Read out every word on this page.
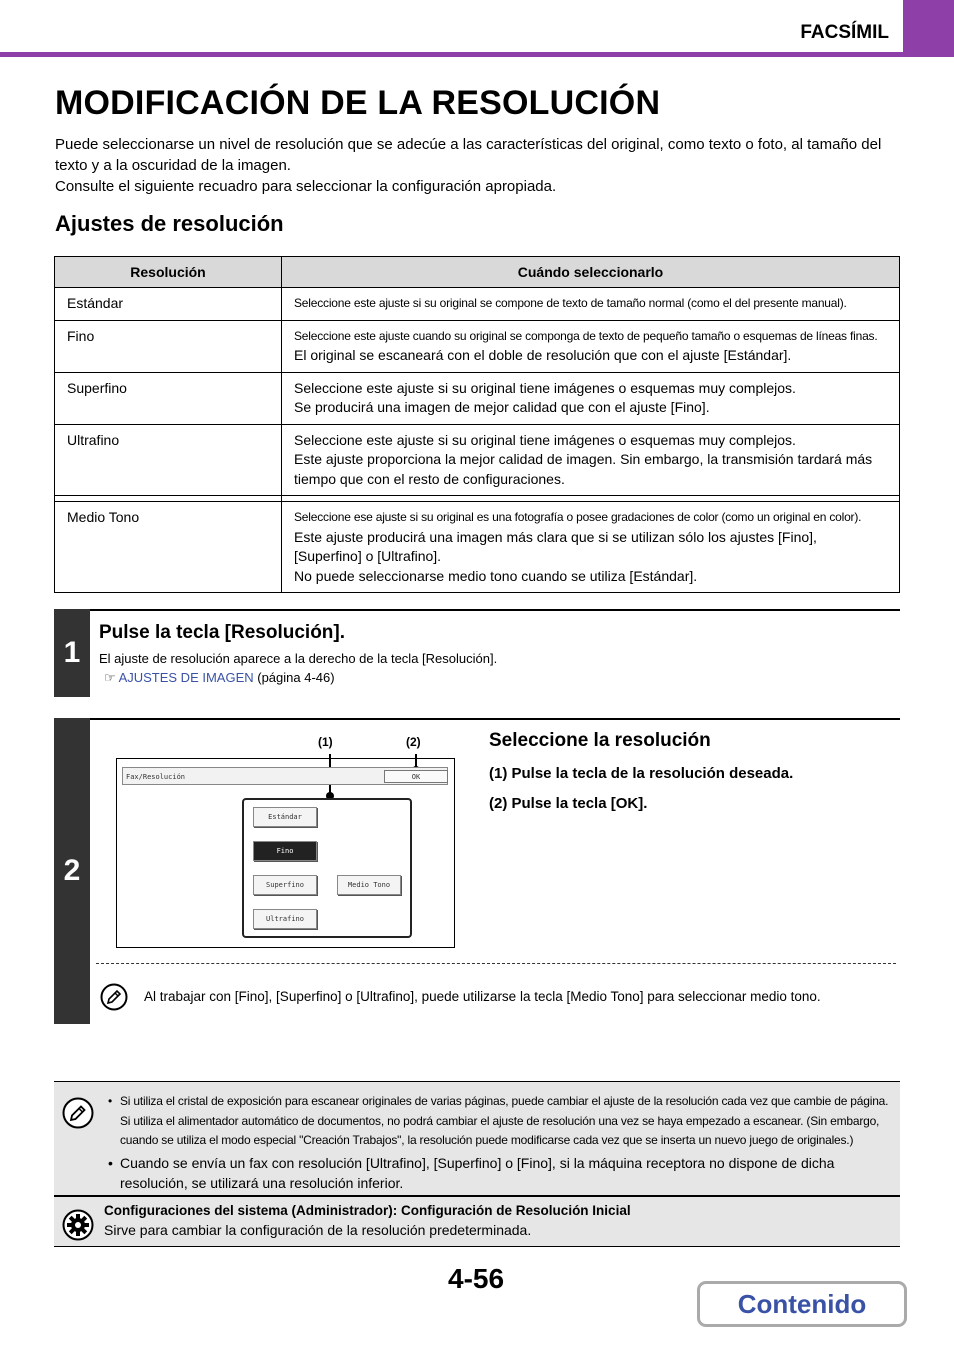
FACSÍMIL
MODIFICACIÓN DE LA RESOLUCIÓN
Puede seleccionarse un nivel de resolución que se adecúe a las características del original, como texto o foto, al tamaño del texto y a la oscuridad de la imagen.
Consulte el siguiente recuadro para seleccionar la configuración apropiada.
Ajustes de resolución
Resolución	Cuándo seleccionarlo
Estándar	Seleccione este ajuste si su original se compone de texto de tamaño normal (como el del presente manual).

Fino	Seleccione este ajuste cuando su original se componga de texto de pequeño tamaño o esquemas de líneas finas.
El original se escaneará con el doble de resolución que con el ajuste [Estándar].

Superfino	Seleccione este ajuste si su original tiene imágenes o esquemas muy complejos.
Se producirá una imagen de mejor calidad que con el ajuste [Fino].

Ultrafino	Seleccione este ajuste si su original tiene imágenes o esquemas muy complejos.
Este ajuste proporciona la mejor calidad de imagen. Sin embargo, la transmisión tardará más tiempo que con el resto de configuraciones.

Medio Tono	Seleccione ese ajuste si su original es una fotografía o posee gradaciones de color (como un original en color).
Este ajuste producirá una imagen más clara que si se utilizan sólo los ajustes [Fino], [Superfino] o [Ultrafino].
No puede seleccionarse medio tono cuando se utiliza [Estándar].
1
Pulse la tecla [Resolución].
El ajuste de resolución aparece a la derecho de la tecla [Resolución].
☞ AJUSTES DE IMAGEN (página 4-46)
2
(1)	(2)
Fax/Resolución	OK
Estándar
Fino
Superfino
Ultrafino
Medio Tono
Seleccione la resolución
(1) Pulse la tecla de la resolución deseada.
(2) Pulse la tecla [OK].
Al trabajar con [Fino], [Superfino] o [Ultrafino], puede utilizarse la tecla [Medio Tono] para seleccionar medio tono.
• Si utiliza el cristal de exposición para escanear originales de varias páginas, puede cambiar el ajuste de la resolución cada vez que cambie de página.
Si utiliza el alimentador automático de documentos, no podrá cambiar el ajuste de resolución una vez se haya empezado a escanear. (Sin embargo, cuando se utiliza el modo especial "Creación Trabajos", la resolución puede modificarse cada vez que se inserta un nuevo juego de originales.)
• Cuando se envía un fax con resolución [Ultrafino], [Superfino] o [Fino], si la máquina receptora no dispone de dicha resolución, se utilizará una resolución inferior.
Configuraciones del sistema (Administrador): Configuración de Resolución Inicial
Sirve para cambiar la configuración de la resolución predeterminada.
4-56
Contenido
